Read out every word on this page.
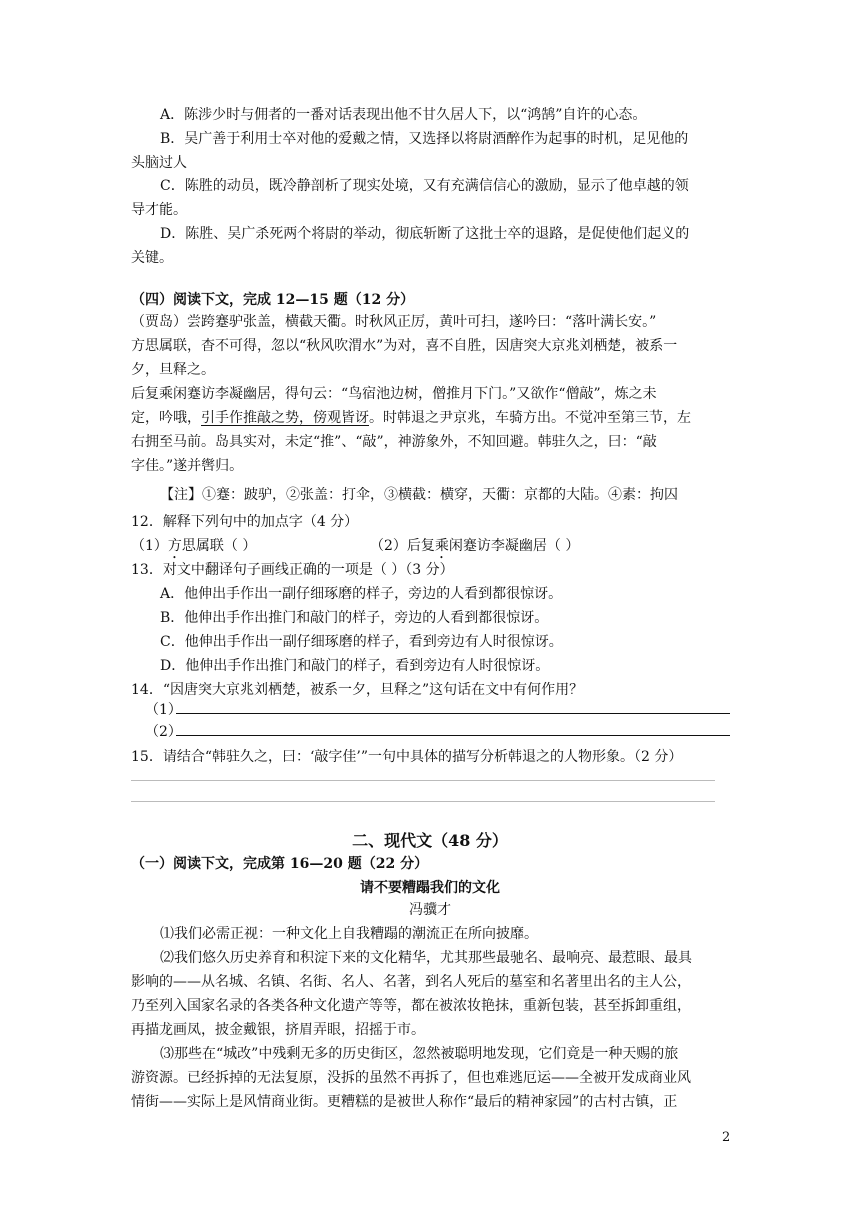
A．陈涉少时与佣者的一番对话表现出他不甘久居人下，以“鸿鹄”自许的心态。
B．吴广善于利用士卒对他的爱戴之情，又选择以将尉酒醉作为起事的时机，足见他的
头脑过人
C．陈胜的动员，既冷静剖析了现实处境，又有充满信信心的激励，显示了他卓越的领
导才能。
D．陈胜、吴广杀死两个将尉的举动，彻底斩断了这批士卒的退路，是促使他们起义的
关键。
（四）阅读下文，完成 12—15 题（12 分）
（贾岛）尝跨蹇驴张盖，横截天衢。时秋风正厉，黄叶可扫，遂吟曰：“落叶满长安。”
方思属联，杳不可得，忽以“秋风吹渭水”为对，喜不自胜，因唐突大京兆刘栖楚，被系一
夕，旦释之。
后复乘闲蹇访李凝幽居，得句云：“鸟宿池边树，僧推月下门。”又欲作“僧敲”，炼之未
定，吟哦，引手作推敲之势，傍观皆讶。时韩退之尹京兆，车骑方出。不觉冲至第三节，左
右拥至马前。岛具实对，未定“推”、“敲”，神游象外，不知回避。韩驻久之，曰：“敲
字佳。”遂并辔归。
【注】①蹇：跛驴，②张盖：打伞，③横截：横穿，天衢：京都的大陆。④素：拘囚
12．解释下列句中的加点字（4 分）
（1）方思属联（ ）	（2）后复乘闲蹇访李凝幽居（ ）
13．对文中翻译句子画线正确的一项是（ ）（3 分）
A．他伸出手作出一副仔细琢磨的样子，旁边的人看到都很惊讶。
B．他伸出手作出推门和敲门的样子，旁边的人看到都很惊讶。
C．他伸出手作出一副仔细琢磨的样子，看到旁边有人时很惊讶。
D．他伸出手作出推门和敲门的样子，看到旁边有人时很惊讶。
14．“因唐突大京兆刘栖楚，被系一夕，旦释之”这句话在文中有何作用？
（1）
（2）
15．请结合“韩驻久之，曰：‘敲字佳’”一句中具体的描写分析韩退之的人物形象。（2 分）
二、现代文（48 分）
（一）阅读下文，完成第 16—20 题（22 分）
请不要糟蹋我们的文化
冯骥才
⑴我们必需正视：一种文化上自我糟蹋的潮流正在所向披靡。
⑵我们悠久历史养育和积淀下来的文化精华，尤其那些最驰名、最响亮、最惹眼、最具
影响的——从名城、名镇、名街、名人、名著，到名人死后的墓室和名著里出名的主人公，
乃至列入国家名录的各类各种文化遗产等等，都在被浓妆艳抹，重新包装，甚至拆卸重组，
再描龙画凤，披金戴银，挤眉弄眼，招摇于市。
⑶那些在“城改”中残剩无多的历史街区，忽然被聪明地发现，它们竟是一种天赐的旅
游资源。已经拆掉的无法复原，没拆的虽然不再拆了，但也难逃厄运——全被开发成商业风
情街——实际上是风情商业街。更糟糕的是被世人称作“最后的精神家园”的古村古镇，正
2
